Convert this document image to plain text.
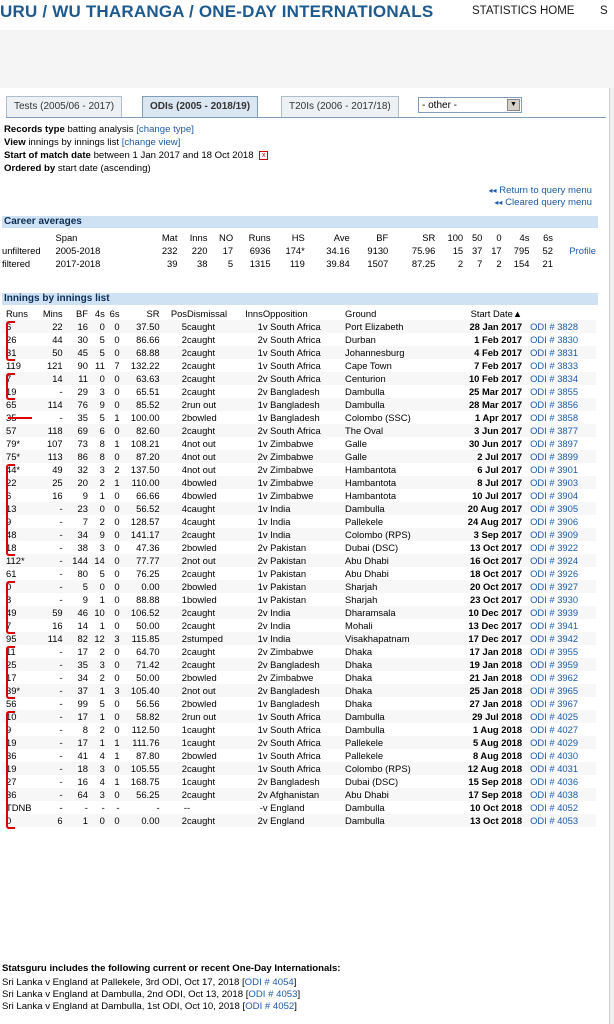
URU / WU THARANGA / ONE-DAY INTERNATIONALS	STATISTICS HOME S
Tests (2005/06 - 2017)	ODIs (2005 - 2018/19)	T20Is (2006 - 2017/18)	- other -	▼
Records type batting analysis [change type]
View innings by innings list [change view]
Start of match date between 1 Jan 2017 and 18 Oct 2018 x
Ordered by start date (ascending)
◂◂ Return to query menu
◂◂ Cleared query menu
Career averages
	Span	Mat	Inns	NO	Runs	HS	Ave	BF	SR	100	50	0	4s	6s	
unfiltered	2005-2018	232	220	17	6936	174*	34.16	9130	75.96	15	37	17	795	52	Profile
filtered	2017-2018	39	38	5	1315	119	39.84	1507	87.25	2	7	2	154	21	
Innings by innings list
Runs	Mins	BF	4s	6s	SR	Pos	Dismissal	Inns	Opposition	Ground	Start Date▲	
6	22	16	0	0	37.50	5	caught	1	v South Africa	Port Elizabeth	28 Jan 2017	ODI # 3828
26	44	30	5	0	86.66	2	caught	2	v South Africa	Durban	1 Feb 2017	ODI # 3830
31	50	45	5	0	68.88	2	caught	1	v South Africa	Johannesburg	4 Feb 2017	ODI # 3831
119	121	90	11	7	132.22	2	caught	1	v South Africa	Cape Town	7 Feb 2017	ODI # 3833
7	14	11	0	0	63.63	2	caught	2	v South Africa	Centurion	10 Feb 2017	ODI # 3834
19	-	29	3	0	65.51	2	caught	2	v Bangladesh	Dambulla	25 Mar 2017	ODI # 3855
65	114	76	9	0	85.52	2	run out	1	v Bangladesh	Dambulla	28 Mar 2017	ODI # 3856
35	-	35	5	1	100.00	2	bowled	1	v Bangladesh	Colombo (SSC)	1 Apr 2017	ODI # 3858
57	118	69	6	0	82.60	2	caught	2	v South Africa	The Oval	3 Jun 2017	ODI # 3877
79*	107	73	8	1	108.21	4	not out	1	v Zimbabwe	Galle	30 Jun 2017	ODI # 3897
75*	113	86	8	0	87.20	4	not out	2	v Zimbabwe	Galle	2 Jul 2017	ODI # 3899
44*	49	32	3	2	137.50	4	not out	2	v Zimbabwe	Hambantota	6 Jul 2017	ODI # 3901
22	25	20	2	1	110.00	4	bowled	1	v Zimbabwe	Hambantota	8 Jul 2017	ODI # 3903
6	16	9	1	0	66.66	4	bowled	1	v Zimbabwe	Hambantota	10 Jul 2017	ODI # 3904
13	-	23	0	0	56.52	4	caught	1	v India	Dambulla	20 Aug 2017	ODI # 3905
9	-	7	2	0	128.57	4	caught	1	v India	Pallekele	24 Aug 2017	ODI # 3906
48	-	34	9	0	141.17	2	caught	1	v India	Colombo (RPS)	3 Sep 2017	ODI # 3909
18	-	38	3	0	47.36	2	bowled	2	v Pakistan	Dubai (DSC)	13 Oct 2017	ODI # 3922
112*	-	144	14	0	77.77	2	not out	2	v Pakistan	Abu Dhabi	16 Oct 2017	ODI # 3924
61	-	80	5	0	76.25	2	caught	1	v Pakistan	Abu Dhabi	18 Oct 2017	ODI # 3926
0	-	5	0	0	0.00	2	bowled	1	v Pakistan	Sharjah	20 Oct 2017	ODI # 3927
8	-	9	1	0	88.88	1	bowled	1	v Pakistan	Sharjah	23 Oct 2017	ODI # 3930
49	59	46	10	0	106.52	2	caught	2	v India	Dharamsala	10 Dec 2017	ODI # 3939
7	16	14	1	0	50.00	2	caught	2	v India	Mohali	13 Dec 2017	ODI # 3941
95	114	82	12	3	115.85	2	stumped	1	v India	Visakhapatnam	17 Dec 2017	ODI # 3942
11	-	17	2	0	64.70	2	caught	2	v Zimbabwe	Dhaka	17 Jan 2018	ODI # 3955
25	-	35	3	0	71.42	2	caught	2	v Bangladesh	Dhaka	19 Jan 2018	ODI # 3959
17	-	34	2	0	50.00	2	bowled	2	v Zimbabwe	Dhaka	21 Jan 2018	ODI # 3962
39*	-	37	1	3	105.40	2	not out	2	v Bangladesh	Dhaka	25 Jan 2018	ODI # 3965
56	-	99	5	0	56.56	2	bowled	1	v Bangladesh	Dhaka	27 Jan 2018	ODI # 3967
10	-	17	1	0	58.82	2	run out	1	v South Africa	Dambulla	29 Jul 2018	ODI # 4025
9	-	8	2	0	112.50	1	caught	1	v South Africa	Dambulla	1 Aug 2018	ODI # 4027
19	-	17	1	1	111.76	1	caught	2	v South Africa	Pallekele	5 Aug 2018	ODI # 4029
36	-	41	4	1	87.80	2	bowled	1	v South Africa	Pallekele	8 Aug 2018	ODI # 4030
19	-	18	3	0	105.55	2	caught	1	v South Africa	Colombo (RPS)	12 Aug 2018	ODI # 4031
27	-	16	4	1	168.75	1	caught	2	v Bangladesh	Dubai (DSC)	15 Sep 2018	ODI # 4036
36	-	64	3	0	56.25	2	caught	2	v Afghanistan	Abu Dhabi	17 Sep 2018	ODI # 4038
TDNB	-	-	-	-	-	-	-	-	v England	Dambulla	10 Oct 2018	ODI # 4052
0	6	1	0	0	0.00	2	caught	2	v England	Dambulla	13 Oct 2018	ODI # 4053
Statsguru includes the following current or recent One-Day Internationals:
Sri Lanka v England at Pallekele, 3rd ODI, Oct 17, 2018 [ODI # 4054]
Sri Lanka v England at Dambulla, 2nd ODI, Oct 13, 2018 [ODI # 4053]
Sri Lanka v England at Dambulla, 1st ODI, Oct 10, 2018 [ODI # 4052]
